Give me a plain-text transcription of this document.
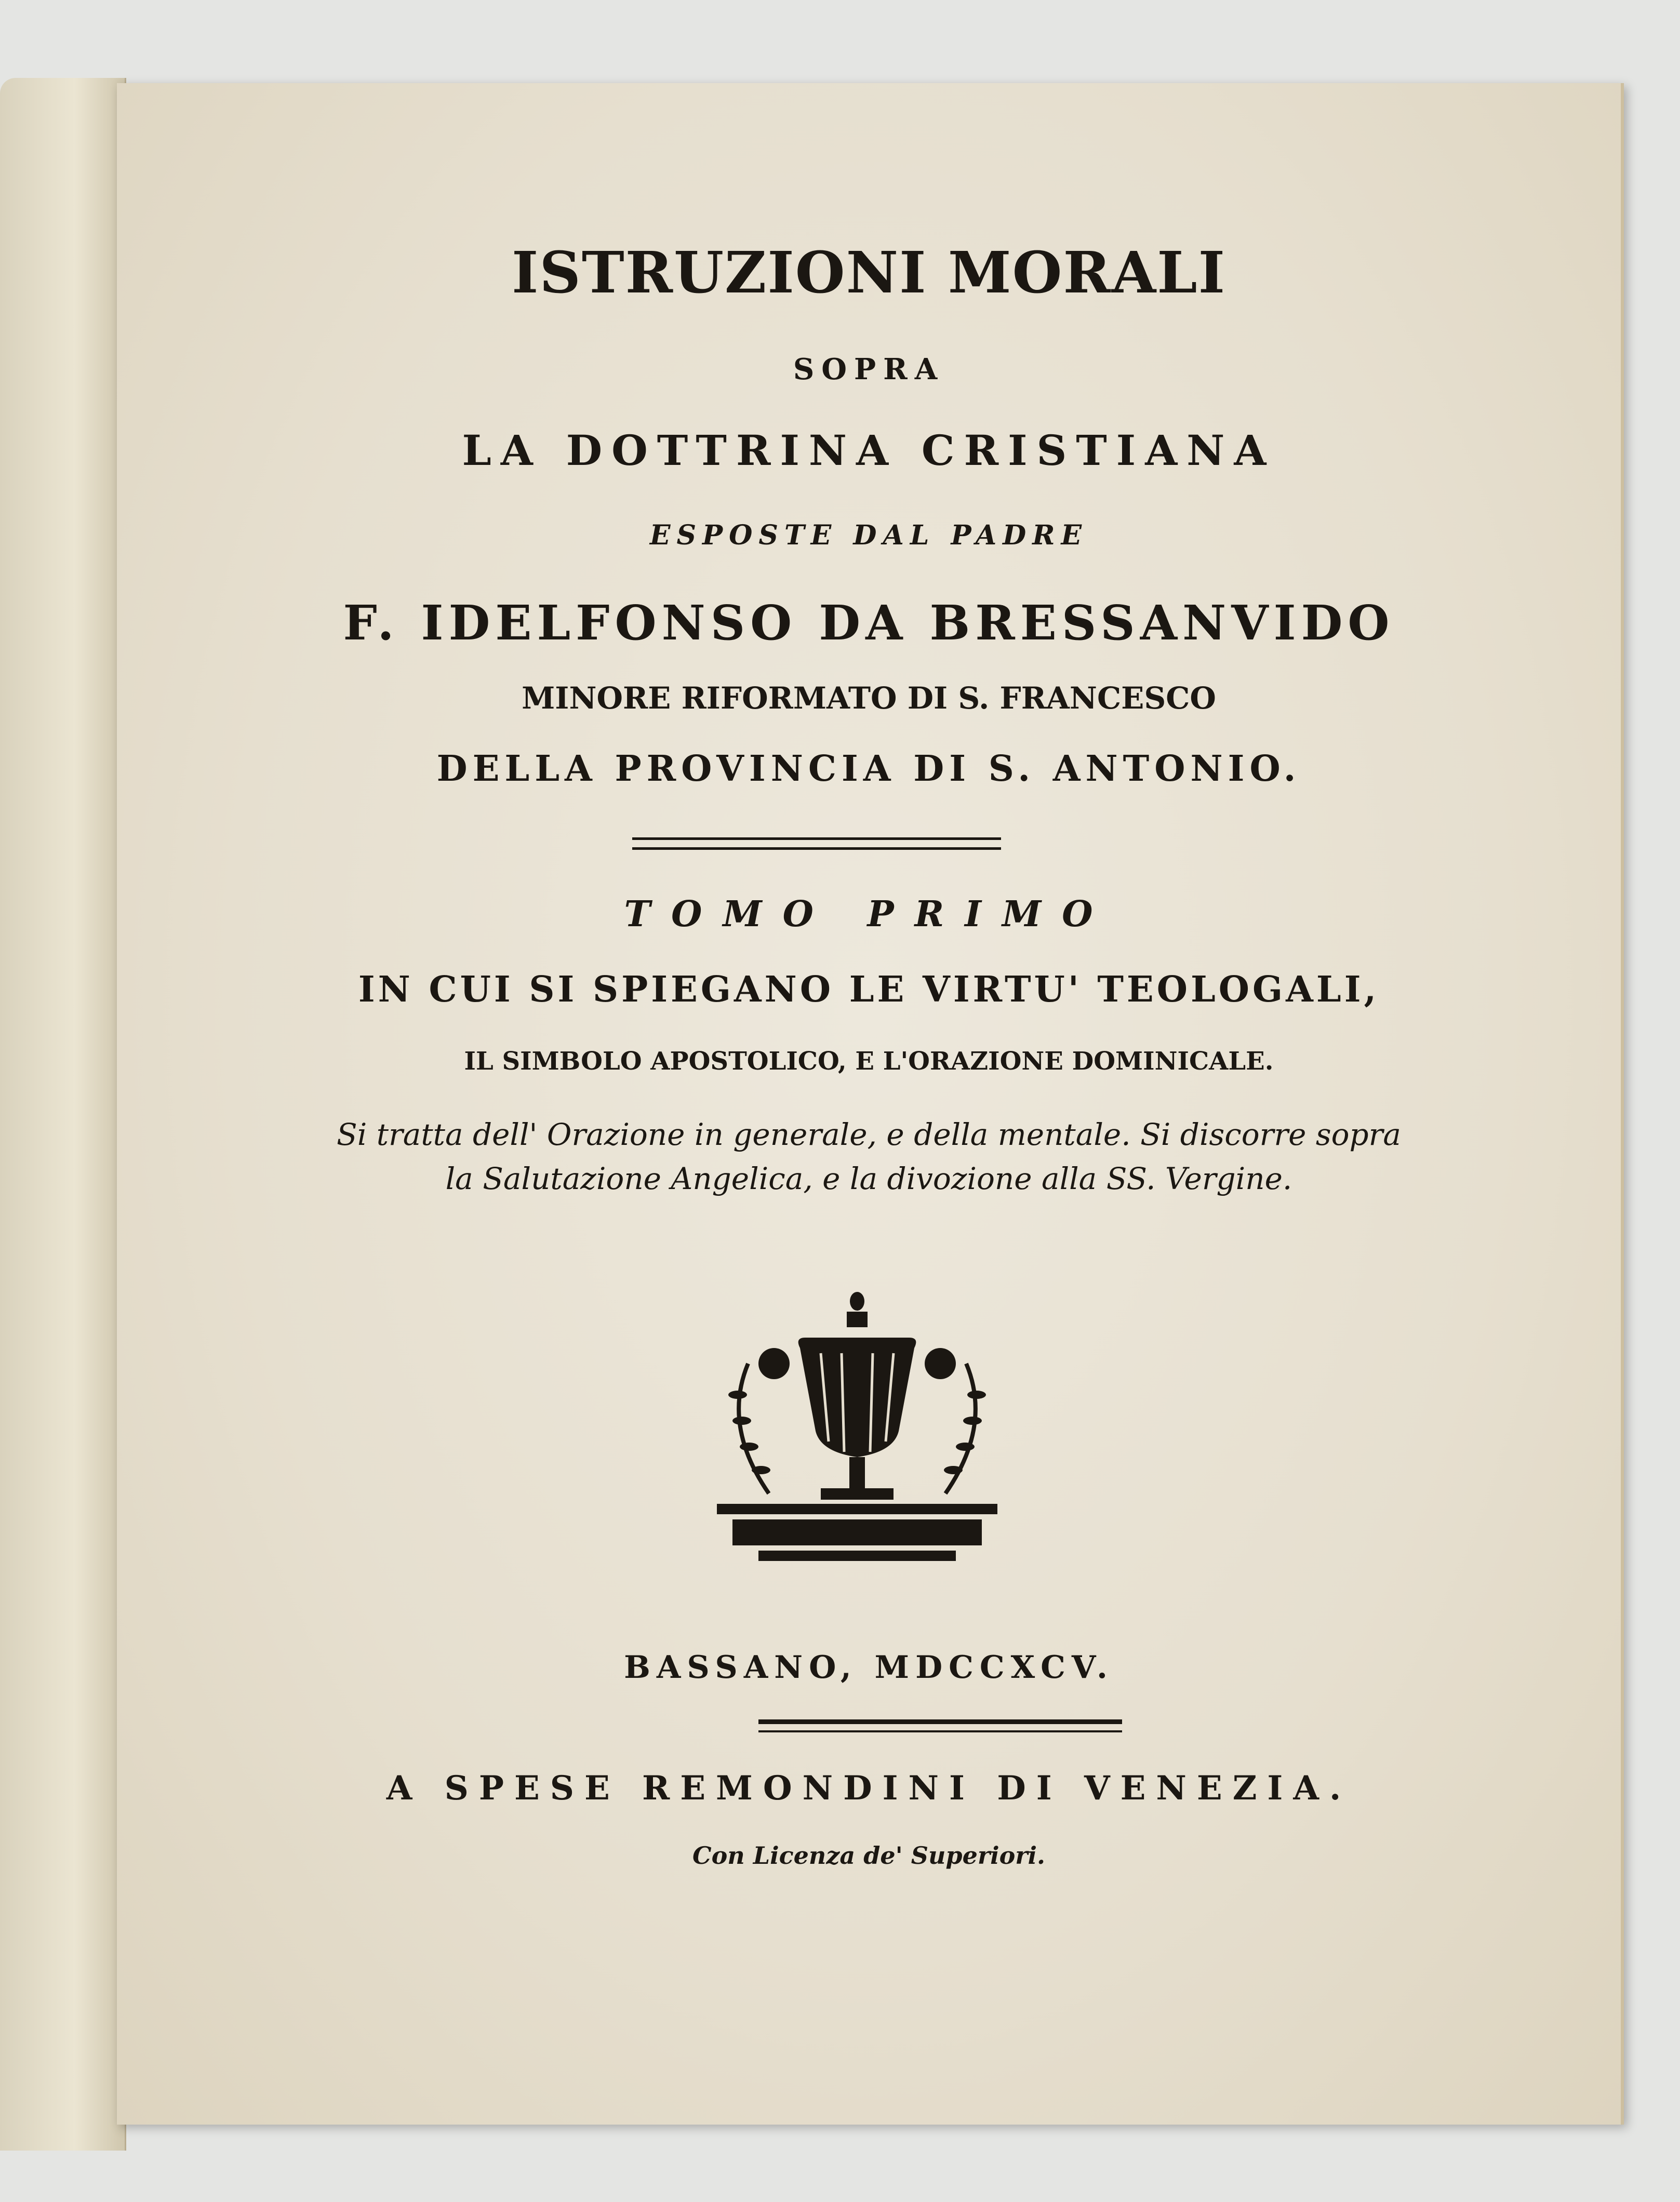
ISTRUZIONI MORALI
SOPRA
LA DOTTRINA CRISTIANA
ESPOSTE DAL PADRE
F. IDELFONSO DA BRESSANVIDO
MINORE RIFORMATO DI S. FRANCESCO
DELLA PROVINCIA DI S. ANTONIO.
TOMO PRIMO
IN CUI SI SPIEGANO LE VIRTU' TEOLOGALI,
IL SIMBOLO APOSTOLICO, E L'ORAZIONE DOMINICALE.
Si tratta dell' Orazione in generale, e della mentale. Si discorre sopra
la Salutazione Angelica, e la divozione alla SS. Vergine.
BASSANO, MDCCXCV.
A SPESE REMONDINI DI VENEZIA.
Con Licenza de' Superiori.
